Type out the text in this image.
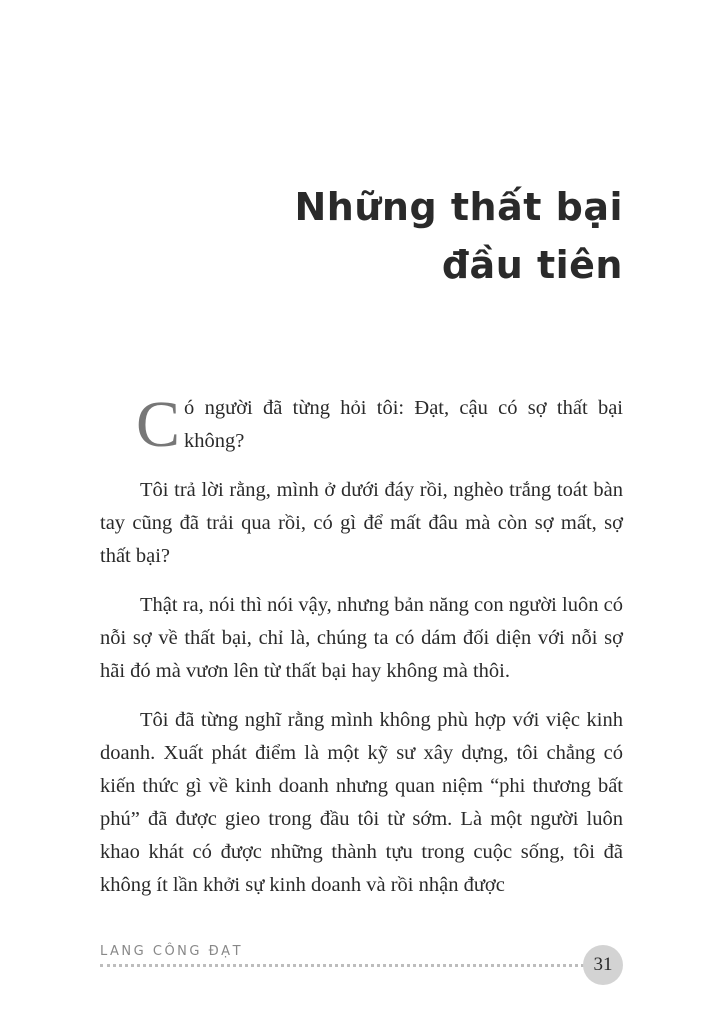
Những thất bại
đầu tiên

Có người đã từng hỏi tôi: Đạt, cậu có sợ thất bại không?

Tôi trả lời rằng, mình ở dưới đáy rồi, nghèo trắng toát bàn tay cũng đã trải qua rồi, có gì để mất đâu mà còn sợ mất, sợ thất bại?

Thật ra, nói thì nói vậy, nhưng bản năng con người luôn có nỗi sợ về thất bại, chỉ là, chúng ta có dám đối diện với nỗi sợ hãi đó mà vươn lên từ thất bại hay không mà thôi.

Tôi đã từng nghĩ rằng mình không phù hợp với việc kinh doanh. Xuất phát điểm là một kỹ sư xây dựng, tôi chẳng có kiến thức gì về kinh doanh nhưng quan niệm “phi thương bất phú” đã được gieo trong đầu tôi từ sớm. Là một người luôn khao khát có được những thành tựu trong cuộc sống, tôi đã không ít lần khởi sự kinh doanh và rồi nhận được

LANG CÔNG ĐẠT
31
